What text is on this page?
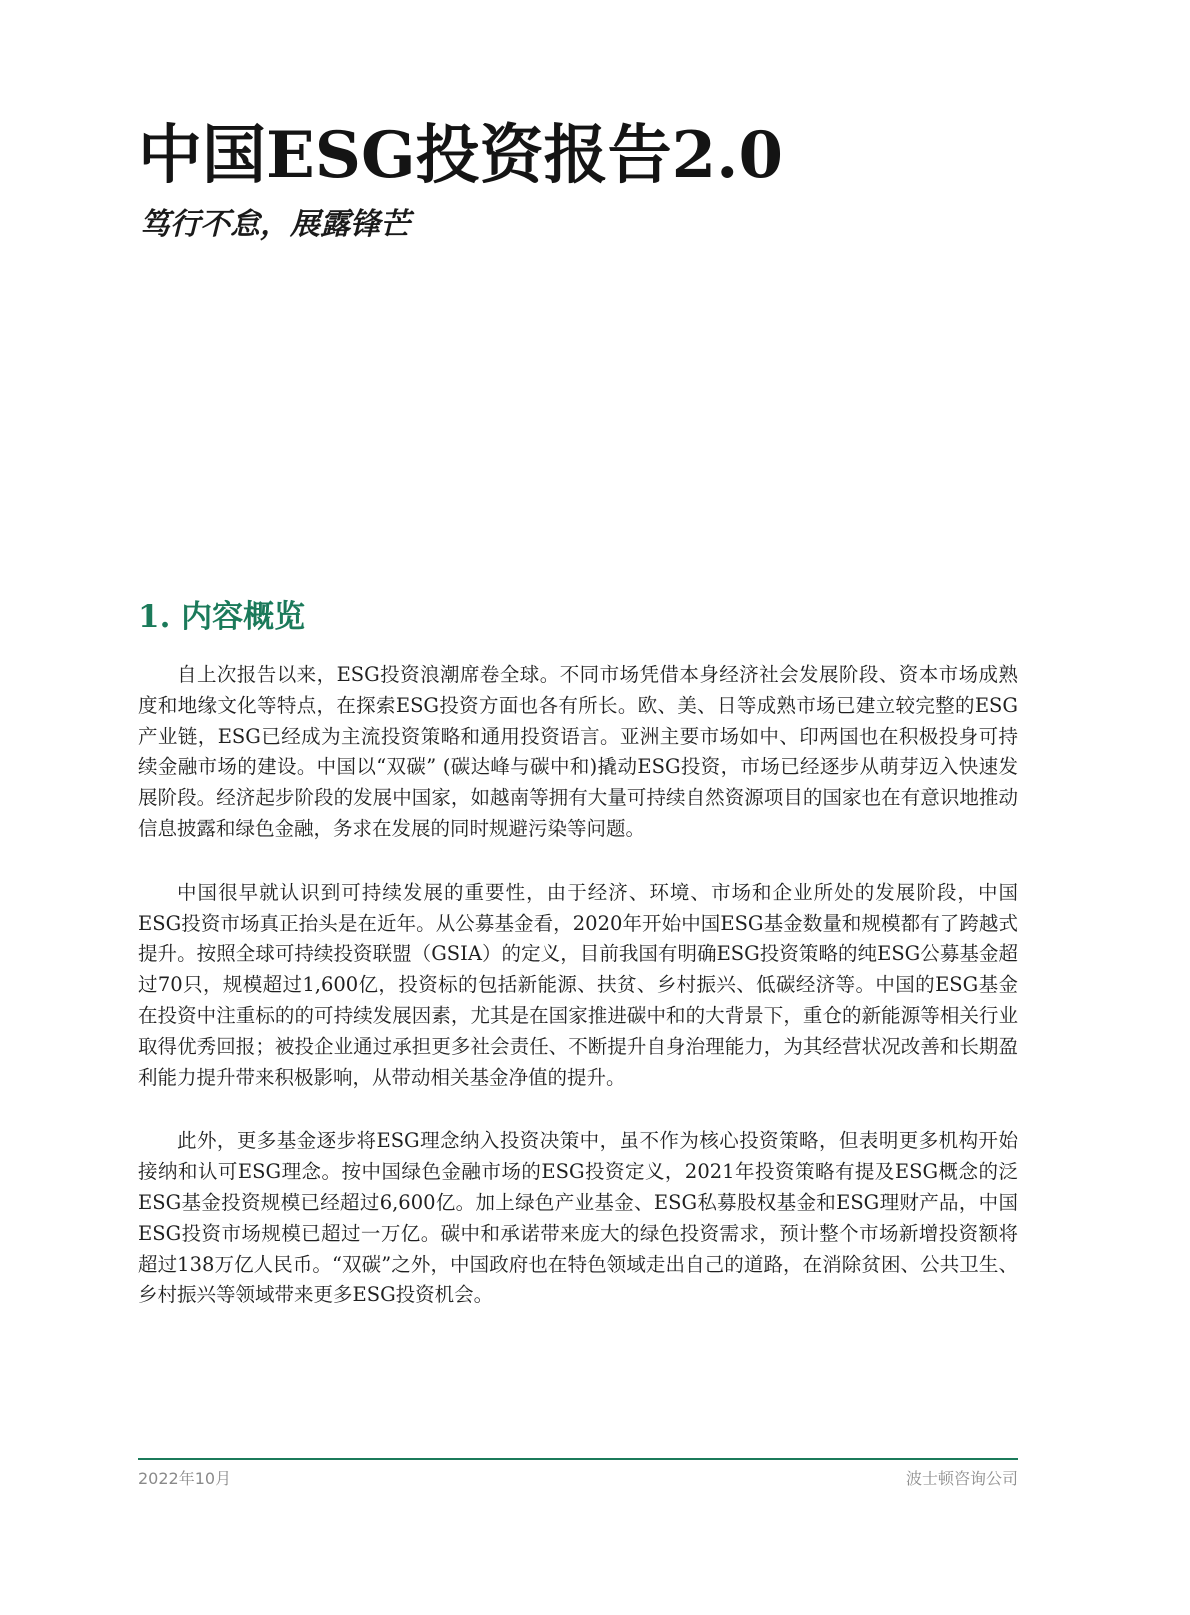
中国ESG投资报告2.0
笃行不怠，展露锋芒
1. 内容概览

自上次报告以来，ESG投资浪潮席卷全球。不同市场凭借本身经济社会发展阶段、资本市场成熟度和地缘文化等特点，在探索ESG投资方面也各有所长。欧、美、日等成熟市场已建立较完整的ESG产业链，ESG已经成为主流投资策略和通用投资语言。亚洲主要市场如中、印两国也在积极投身可持续金融市场的建设。中国以“双碳” (碳达峰与碳中和)撬动ESG投资，市场已经逐步从萌芽迈入快速发展阶段。经济起步阶段的发展中国家，如越南等拥有大量可持续自然资源项目的国家也在有意识地推动信息披露和绿色金融，务求在发展的同时规避污染等问题。

中国很早就认识到可持续发展的重要性，由于经济、环境、市场和企业所处的发展阶段，中国ESG投资市场真正抬头是在近年。从公募基金看，2020年开始中国ESG基金数量和规模都有了跨越式提升。按照全球可持续投资联盟（GSIA）的定义，目前我国有明确ESG投资策略的纯ESG公募基金超过70只，规模超过1,600亿，投资标的包括新能源、扶贫、乡村振兴、低碳经济等。中国的ESG基金在投资中注重标的的可持续发展因素，尤其是在国家推进碳中和的大背景下，重仓的新能源等相关行业取得优秀回报；被投企业通过承担更多社会责任、不断提升自身治理能力，为其经营状况改善和长期盈利能力提升带来积极影响，从带动相关基金净值的提升。

此外，更多基金逐步将ESG理念纳入投资决策中，虽不作为核心投资策略，但表明更多机构开始接纳和认可ESG理念。按中国绿色金融市场的ESG投资定义，2021年投资策略有提及ESG概念的泛ESG基金投资规模已经超过6,600亿。加上绿色产业基金、ESG私募股权基金和ESG理财产品，中国ESG投资市场规模已超过一万亿。碳中和承诺带来庞大的绿色投资需求，预计整个市场新增投资额将超过138万亿人民币。“双碳”之外，中国政府也在特色领域走出自己的道路，在消除贫困、公共卫生、乡村振兴等领域带来更多ESG投资机会。

2022年10月	波士顿咨询公司
